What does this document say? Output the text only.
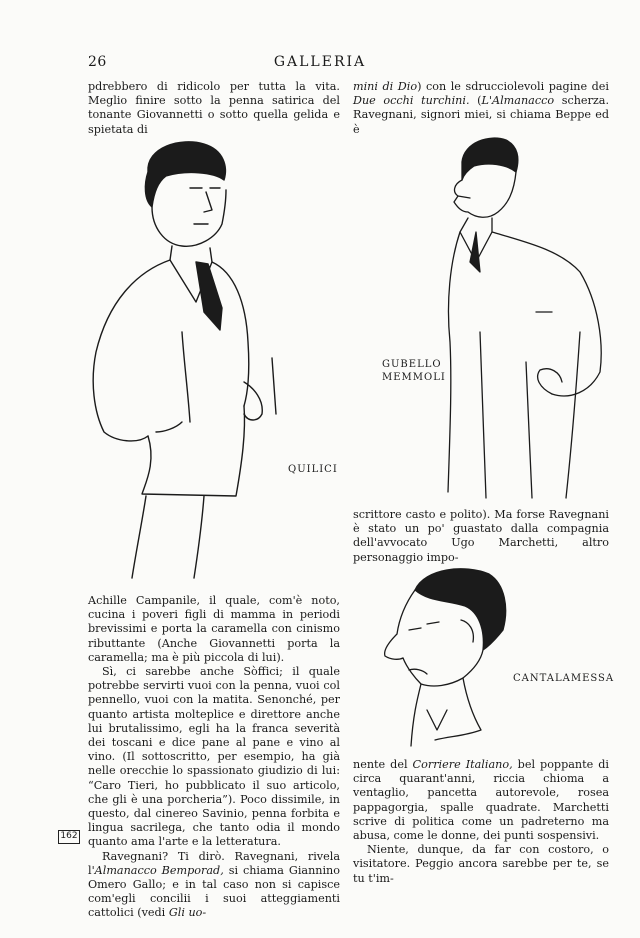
26	GALLERIA

pdrebbero di ridicolo per tutta la vita. Meglio finire sotto la penna satirica del tonante Giovannetti o sotto quella gelida e spietata di

mini di Dio) con le sdrucciolevoli pagine dei Due occhi turchini. (L'Almanacco scherza. Ravegnani, signori miei, si chiama Beppe ed è

QUILICI
GUBELLO
MEMMOLI

scrittore casto e polito). Ma forse Ravegnani è stato un po' guastato dalla compagnia dell'avvocato Ugo Marchetti, altro personaggio impo-

CANTALAMESSA

Achille Campanile, il quale, com'è noto, cucina i poveri figli di mamma in periodi brevissimi e porta la caramella con cinismo ributtante (Anche Giovannetti porta la caramella; ma è più piccola di lui).

Sì, ci sarebbe anche Sòffici; il quale potrebbe servirti vuoi con la penna, vuoi col pennello, vuoi con la matita. Senonché, per quanto artista molteplice e direttore anche lui brutalissimo, egli ha la franca severità dei toscani e dice pane al pane e vino al vino. (Il sottoscritto, per esempio, ha già nelle orecchie lo spassionato giudizio di lui: “Caro Tieri, ho pubblicato il suo articolo, che gli è una porcheria”). Poco dissimile, in questo, dal cinereo Savinio, penna forbita e lingua sacrilega, che tanto odia il mondo quanto ama l'arte e la letteratura.

Ravegnani? Ti dirò. Ravegnani, rivela l'Almanacco Bemporad, si chiama Giannino Omero Gallo; e in tal caso non si capisce com'egli concilii i suoi atteggiamenti cattolici (vedi Gli uo-

nente del Corriere Italiano, bel poppante di circa quarant'anni, riccia chioma a ventaglio, pancetta autorevole, rosea pappagorgia, spalle quadrate. Marchetti scrive di politica come un padreterno ma abusa, come le donne, dei punti sospensivi.

Niente, dunque, da far con costoro, o visitatore. Peggio ancora sarebbe per te, se tu t'im-

162
